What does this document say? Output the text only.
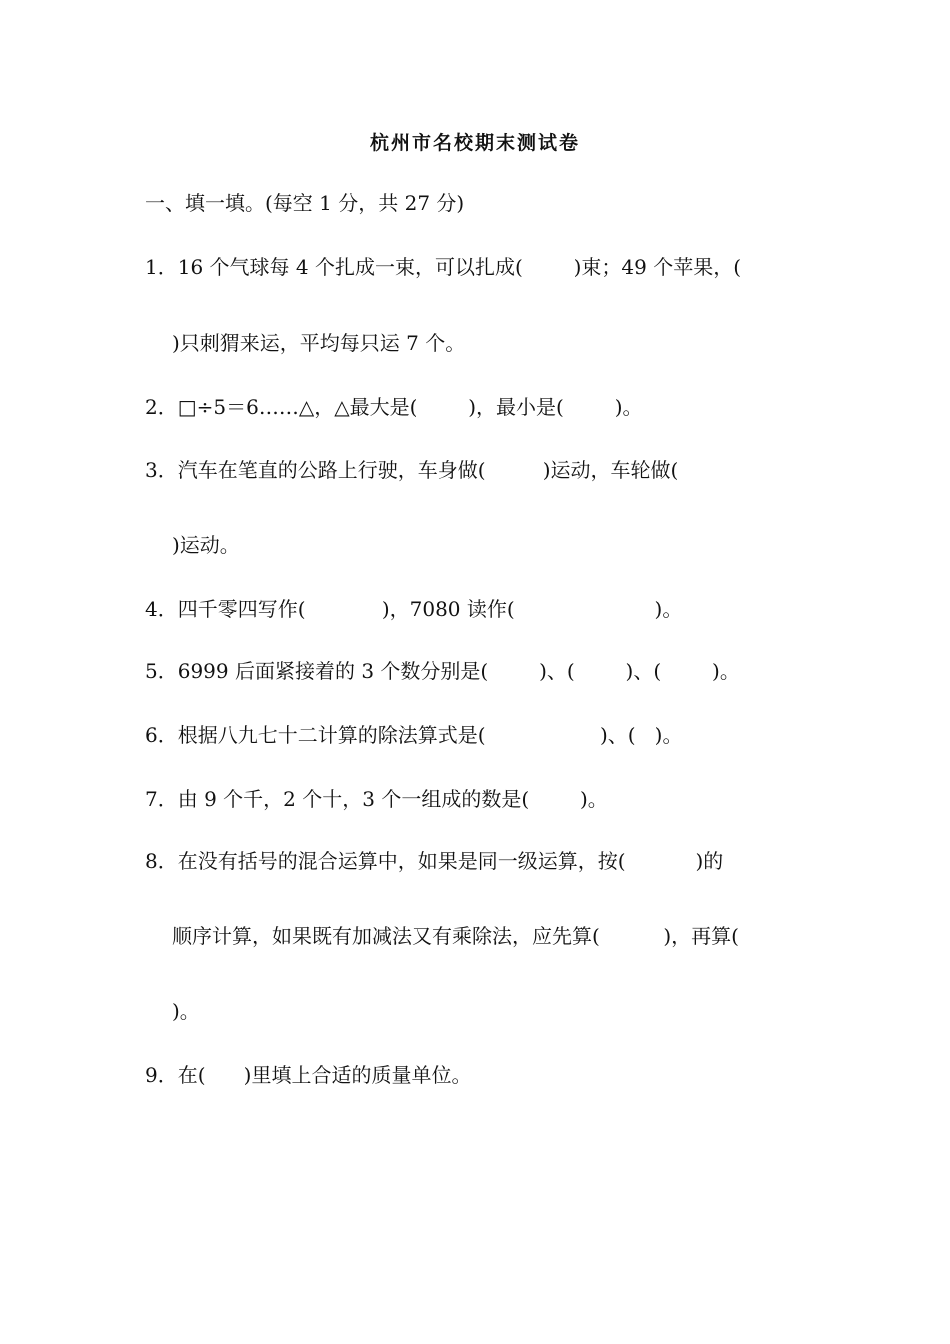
杭州市名校期末测试卷
一、填一填。(每空 1 分，共 27 分)
1．16 个气球每 4 个扎成一束，可以扎成(        )束；49 个苹果，(
)只刺猬来运，平均每只运 7 个。
2．□÷5＝6……△，△最大是(        )，最小是(        )。
3．汽车在笔直的公路上行驶，车身做(         )运动，车轮做(
)运动。
4．四千零四写作(            )，7080 读作(                      )。
5．6999 后面紧接着的 3 个数分别是(        )、(        )、(        )。
6．根据八九七十二计算的除法算式是(                  )、(   )。
7．由 9 个千，2 个十，3 个一组成的数是(        )。
8．在没有括号的混合运算中，如果是同一级运算，按(           )的
顺序计算，如果既有加减法又有乘除法，应先算(          )，再算(
)。
9．在(      )里填上合适的质量单位。
